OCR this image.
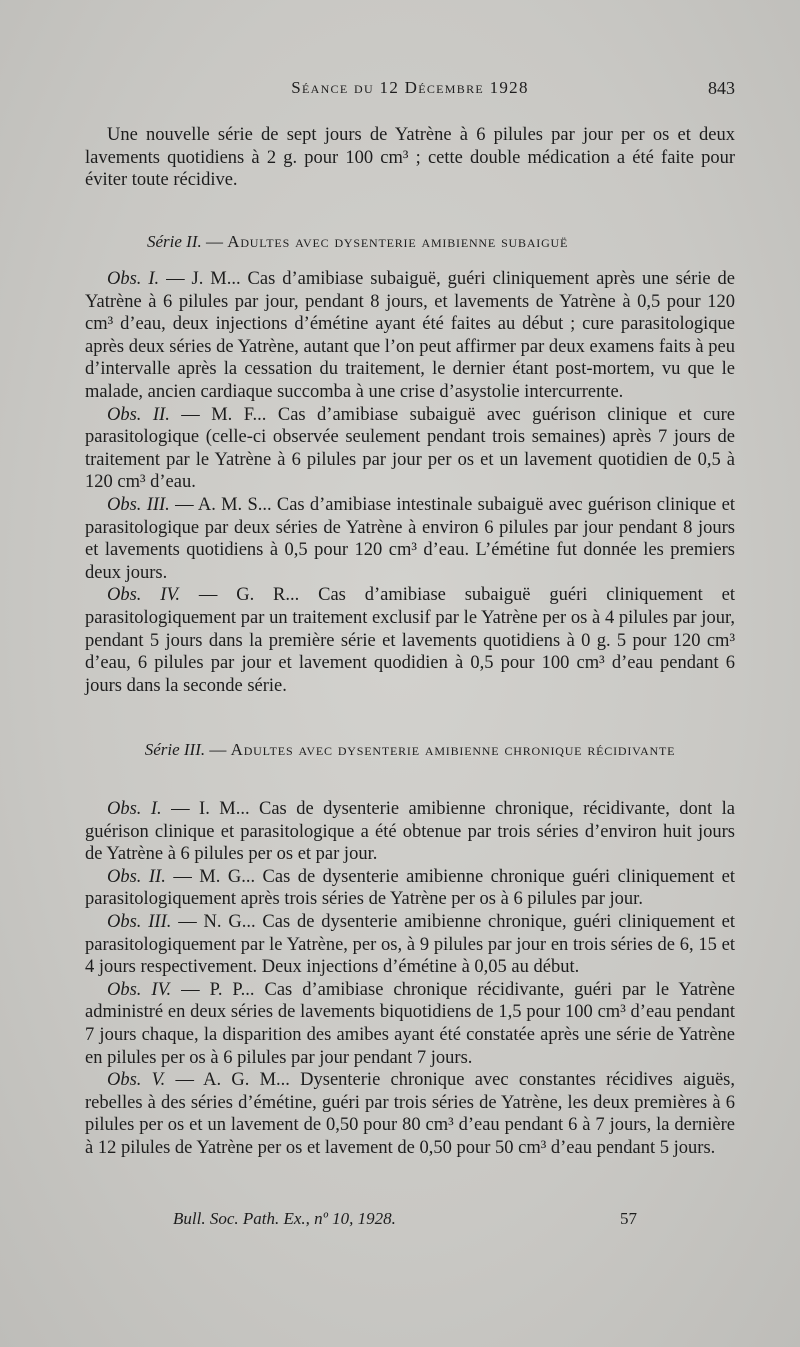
Séance du 12 Décembre 1928	843

Une nouvelle série de sept jours de Yatrène à 6 pilules par jour per os et deux lavements quotidiens à 2 g. pour 100 cm³ ; cette double médication a été faite pour éviter toute récidive.

Série II. — Adultes avec dysenterie amibienne subaiguë

Obs. I. — J. M... Cas d’amibiase subaiguë, guéri cliniquement après une série de Yatrène à 6 pilules par jour, pendant 8 jours, et lavements de Yatrène à 0,5 pour 120 cm³ d’eau, deux injections d’émétine ayant été faites au début ; cure parasitologique après deux séries de Yatrène, autant que l’on peut affirmer par deux examens faits à peu d’intervalle après la cessation du traitement, le dernier étant post-mortem, vu que le malade, ancien cardiaque succomba à une crise d’asystolie intercurrente.

Obs. II. — M. F... Cas d’amibiase subaiguë avec guérison clinique et cure parasitologique (celle-ci observée seulement pendant trois semaines) après 7 jours de traitement par le Yatrène à 6 pilules par jour per os et un lavement quotidien de 0,5 à 120 cm³ d’eau.

Obs. III. — A. M. S... Cas d’amibiase intestinale subaiguë avec guérison clinique et parasitologique par deux séries de Yatrène à environ 6 pilules par jour pendant 8 jours et lavements quotidiens à 0,5 pour 120 cm³ d’eau. L’émétine fut donnée les premiers deux jours.

Obs. IV. — G. R... Cas d’amibiase subaiguë guéri cliniquement et parasitologiquement par un traitement exclusif par le Yatrène per os à 4 pilules par jour, pendant 5 jours dans la première série et lavements quotidiens à 0 g. 5 pour 120 cm³ d’eau, 6 pilules par jour et lavement quodidien à 0,5 pour 100 cm³ d’eau pendant 6 jours dans la seconde série.

Série III. — Adultes avec dysenterie amibienne chronique récidivante

Obs. I. — I. M... Cas de dysenterie amibienne chronique, récidivante, dont la guérison clinique et parasitologique a été obtenue par trois séries d’environ huit jours de Yatrène à 6 pilules per os et par jour.

Obs. II. — M. G... Cas de dysenterie amibienne chronique guéri cliniquement et parasitologiquement après trois séries de Yatrène per os à 6 pilules par jour.

Obs. III. — N. G... Cas de dysenterie amibienne chronique, guéri cliniquement et parasitologiquement par le Yatrène, per os, à 9 pilules par jour en trois séries de 6, 15 et 4 jours respectivement. Deux injections d’émétine à 0,05 au début.

Obs. IV. — P. P... Cas d’amibiase chronique récidivante, guéri par le Yatrène administré en deux séries de lavements biquotidiens de 1,5 pour 100 cm³ d’eau pendant 7 jours chaque, la disparition des amibes ayant été constatée après une série de Yatrène en pilules per os à 6 pilules par jour pendant 7 jours.

Obs. V. — A. G. M... Dysenterie chronique avec constantes récidives aiguës, rebelles à des séries d’émétine, guéri par trois séries de Yatrène, les deux premières à 6 pilules per os et un lavement de 0,50 pour 80 cm³ d’eau pendant 6 à 7 jours, la dernière à 12 pilules de Yatrène per os et lavement de 0,50 pour 50 cm³ d’eau pendant 5 jours.

Bull. Soc. Path. Ex., nº 10, 1928.	57
